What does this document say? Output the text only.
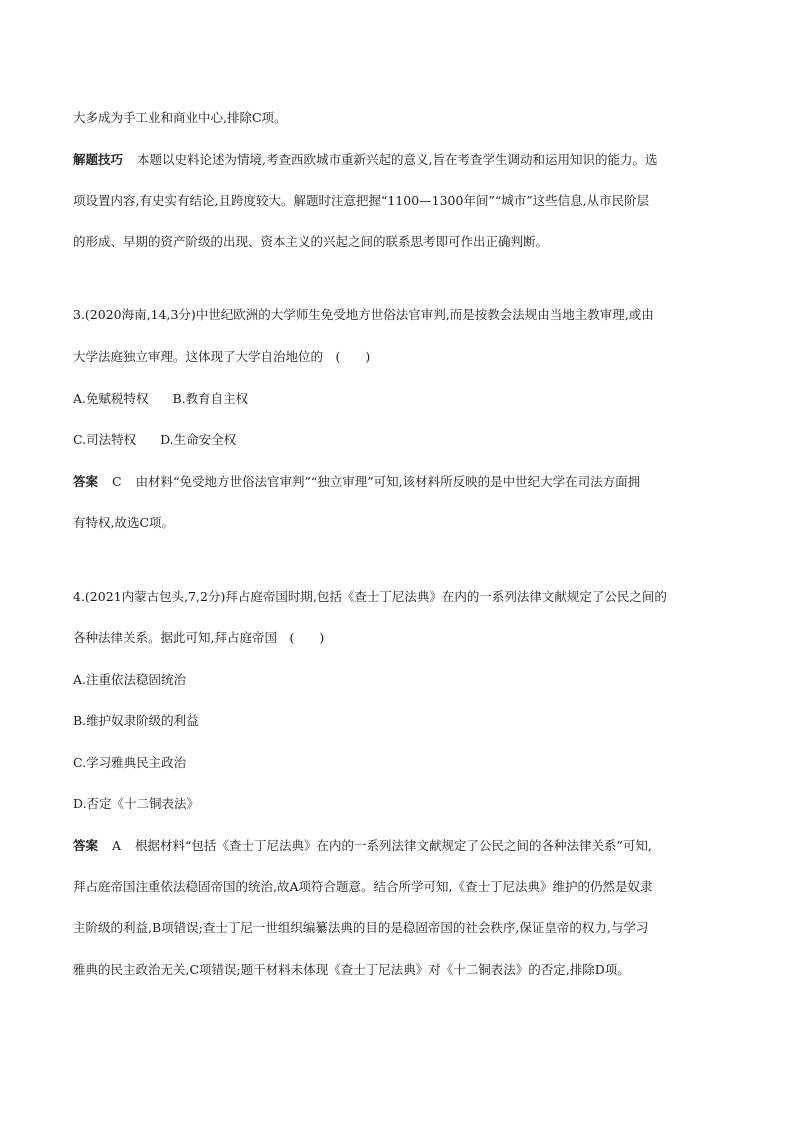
大多成为手工业和商业中心,排除C项。
解题技巧 本题以史料论述为情境,考查西欧城市重新兴起的意义,旨在考查学生调动和运用知识的能力。选
项设置内容,有史实有结论,且跨度较大。解题时注意把握“1100—1300年间”“城市”这些信息,从市民阶层
的形成、早期的资产阶级的出现、资本主义的兴起之间的联系思考即可作出正确判断。
3.(2020海南,14,3分)中世纪欧洲的大学师生免受地方世俗法官审判,而是按教会法规由当地主教审理,或由
大学法庭独立审理。这体现了大学自治地位的　(　　)
A.免赋税特权 B.教育自主权
C.司法特权 D.生命安全权
答案 C 由材料“免受地方世俗法官审判”“独立审理”可知,该材料所反映的是中世纪大学在司法方面拥
有特权,故选C项。
4.(2021内蒙古包头,7,2分)拜占庭帝国时期,包括《查士丁尼法典》在内的一系列法律文献规定了公民之间的
各种法律关系。据此可知,拜占庭帝国　(　　)
A.注重依法稳固统治
B.维护奴隶阶级的利益
C.学习雅典民主政治
D.否定《十二铜表法》
答案 A 根据材料“包括《查士丁尼法典》在内的一系列法律文献规定了公民之间的各种法律关系”可知,
拜占庭帝国注重依法稳固帝国的统治,故A项符合题意。结合所学可知,《查士丁尼法典》维护的仍然是奴隶
主阶级的利益,B项错误;查士丁尼一世组织编纂法典的目的是稳固帝国的社会秩序,保证皇帝的权力,与学习
雅典的民主政治无关,C项错误;题干材料未体现《查士丁尼法典》对《十二铜表法》的否定,排除D项。
